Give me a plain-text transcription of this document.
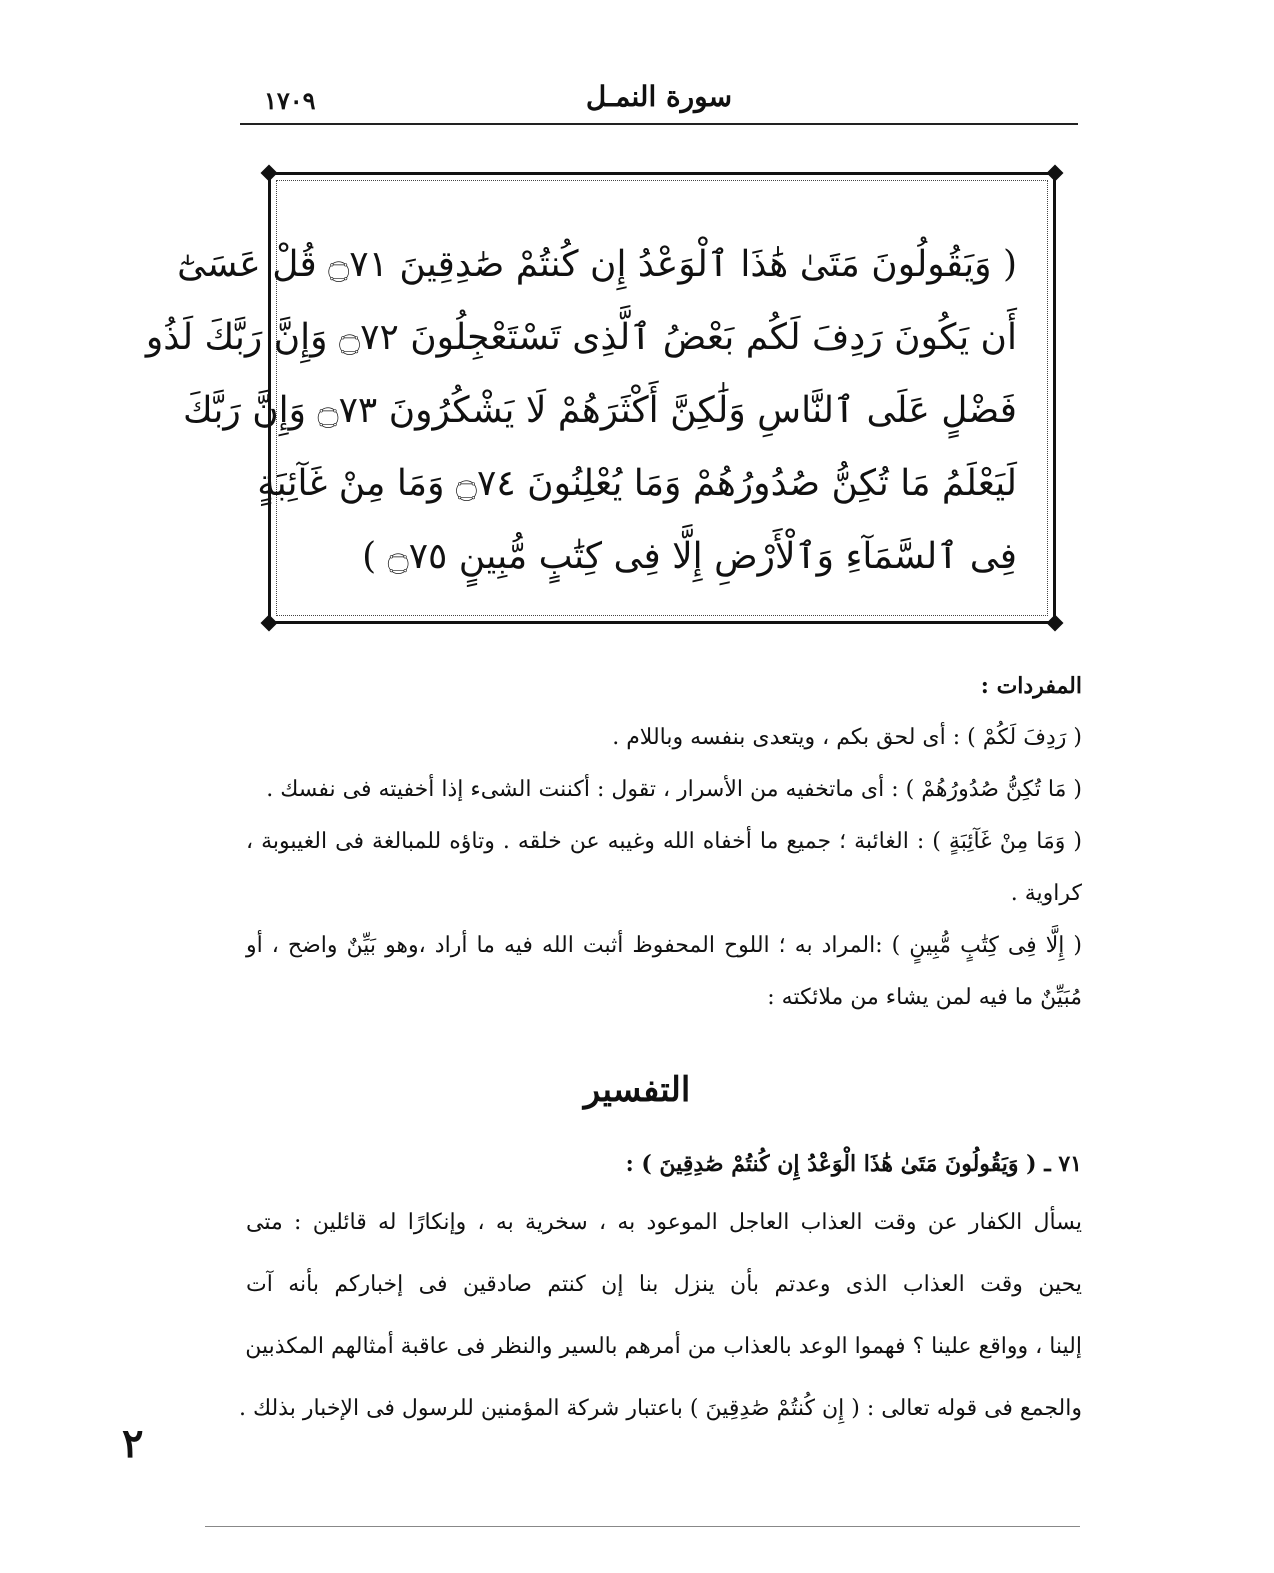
١٧٠٩	سورة النمـل
( وَيَقُولُونَ مَتَىٰ هَٰذَا ٱلْوَعْدُ إِن كُنتُمْ صَٰدِقِينَ ۝٧١ قُلْ عَسَىٰٓ
أَن يَكُونَ رَدِفَ لَكُم بَعْضُ ٱلَّذِى تَسْتَعْجِلُونَ ۝٧٢ وَإِنَّ رَبَّكَ لَذُو
فَضْلٍ عَلَى ٱلنَّاسِ وَلَٰكِنَّ أَكْثَرَهُمْ لَا يَشْكُرُونَ ۝٧٣ وَإِنَّ رَبَّكَ
لَيَعْلَمُ مَا تُكِنُّ صُدُورُهُمْ وَمَا يُعْلِنُونَ ۝٧٤ وَمَا مِنْ غَآئِبَةٍ
فِى ٱلسَّمَآءِ وَٱلْأَرْضِ إِلَّا فِى كِتَٰبٍ مُّبِينٍ ۝٧٥ )
المفردات :
( رَدِفَ لَكُمْ ) : أى لحق بكم ، ويتعدى بنفسه وباللام .
( مَا تُكِنُّ صُدُورُهُمْ ) : أى ماتخفيه من الأسرار ، تقول : أكننت الشىء إذا أخفيته فى نفسك .
( وَمَا مِنْ غَآئِبَةٍ ) : الغائبة ؛ جميع ما أخفاه الله وغيبه عن خلقه . وتاؤه للمبالغة فى الغيبوبة ، كراوية .
( إِلَّا فِى كِتَٰبٍ مُّبِينٍ ) :المراد به ؛ اللوح المحفوظ أثبت الله فيه ما أراد ،وهو بَيِّنٌ واضح ، أو مُبَيِّنٌ ما فيه لمن يشاء من ملائكته :
التفسير
٧١ ـ ( وَيَقُولُونَ مَتَىٰ هَٰذَا الْوَعْدُ إِن كُنتُمْ صَٰدِقِينَ ) :
يسأل الكفار عن وقت العذاب العاجل الموعود به ، سخرية به ، وإنكارًا له قائلين : متى
يحين وقت العذاب الذى وعدتم بأن ينزل بنا إن كنتم صادقين فى إخباركم بأنه آت
إلينا ، وواقع علينا ؟ فهموا الوعد بالعذاب من أمرهم بالسير والنظر فى عاقبة أمثالهم المكذبين
والجمع فى قوله تعالى : ( إِن كُنتُمْ صَٰدِقِينَ ) باعتبار شركة المؤمنين للرسول فى الإخبار بذلك .
٢
